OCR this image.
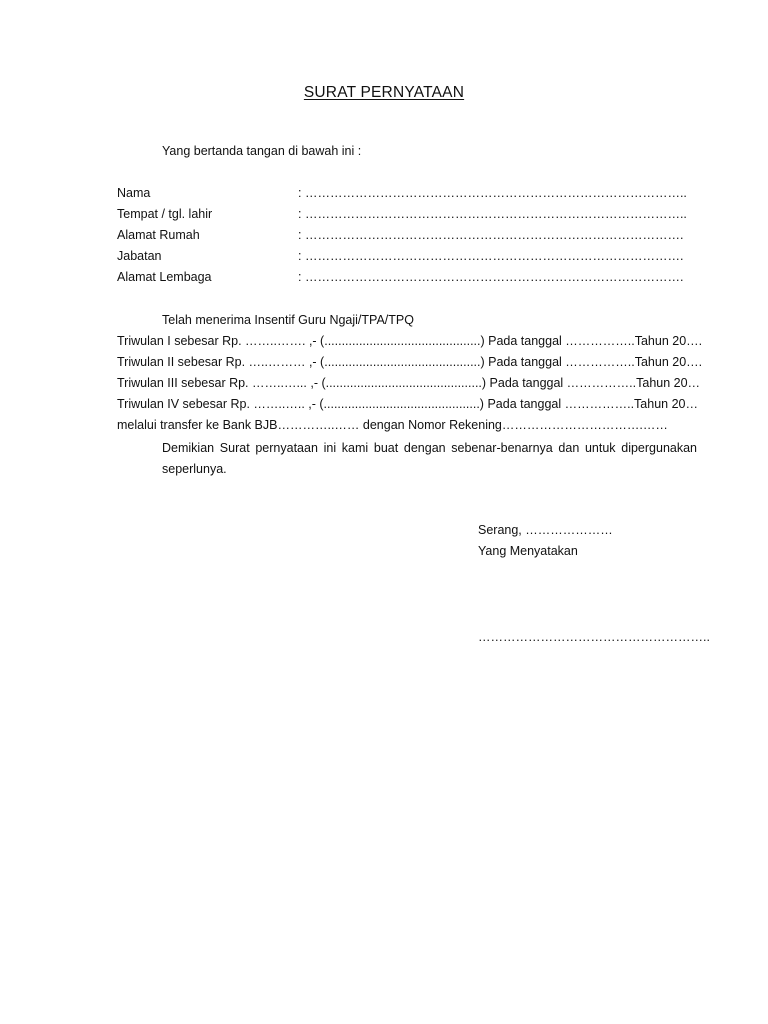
SURAT PERNYATAAN
Yang bertanda tangan di bawah ini :
Nama	: ………………………………………………………………………………..
Tempat / tgl. lahir	: ………………………………………………………………………………..
Alamat Rumah	: ……………………………………………………………………………….
Jabatan	: ……………………………………………………………………………….
Alamat Lembaga	: ……………………………………………………………………………….
Telah menerima Insentif Guru Ngaji/TPA/TPQ
Triwulan I sebesar Rp. ……..……. ,- (.............................................) Pada tanggal ……………..Tahun 20….
Triwulan II sebesar Rp. …..……… ,- (.............................................) Pada tanggal ……………..Tahun 20….
Triwulan III sebesar Rp. ……..…... ,- (.............................................) Pada tanggal ……………..Tahun 20…
Triwulan IV sebesar Rp. ……..….. ,- (.............................................) Pada tanggal ……………..Tahun 20…
melalui transfer ke Bank BJB…………..…… dengan Nomor Rekening…………………………….……
Demikian Surat pernyataan ini kami buat dengan sebenar-benarnya dan untuk dipergunakan seperlunya.
Serang, …………………
Yang Menyatakan
………………………………………………..
